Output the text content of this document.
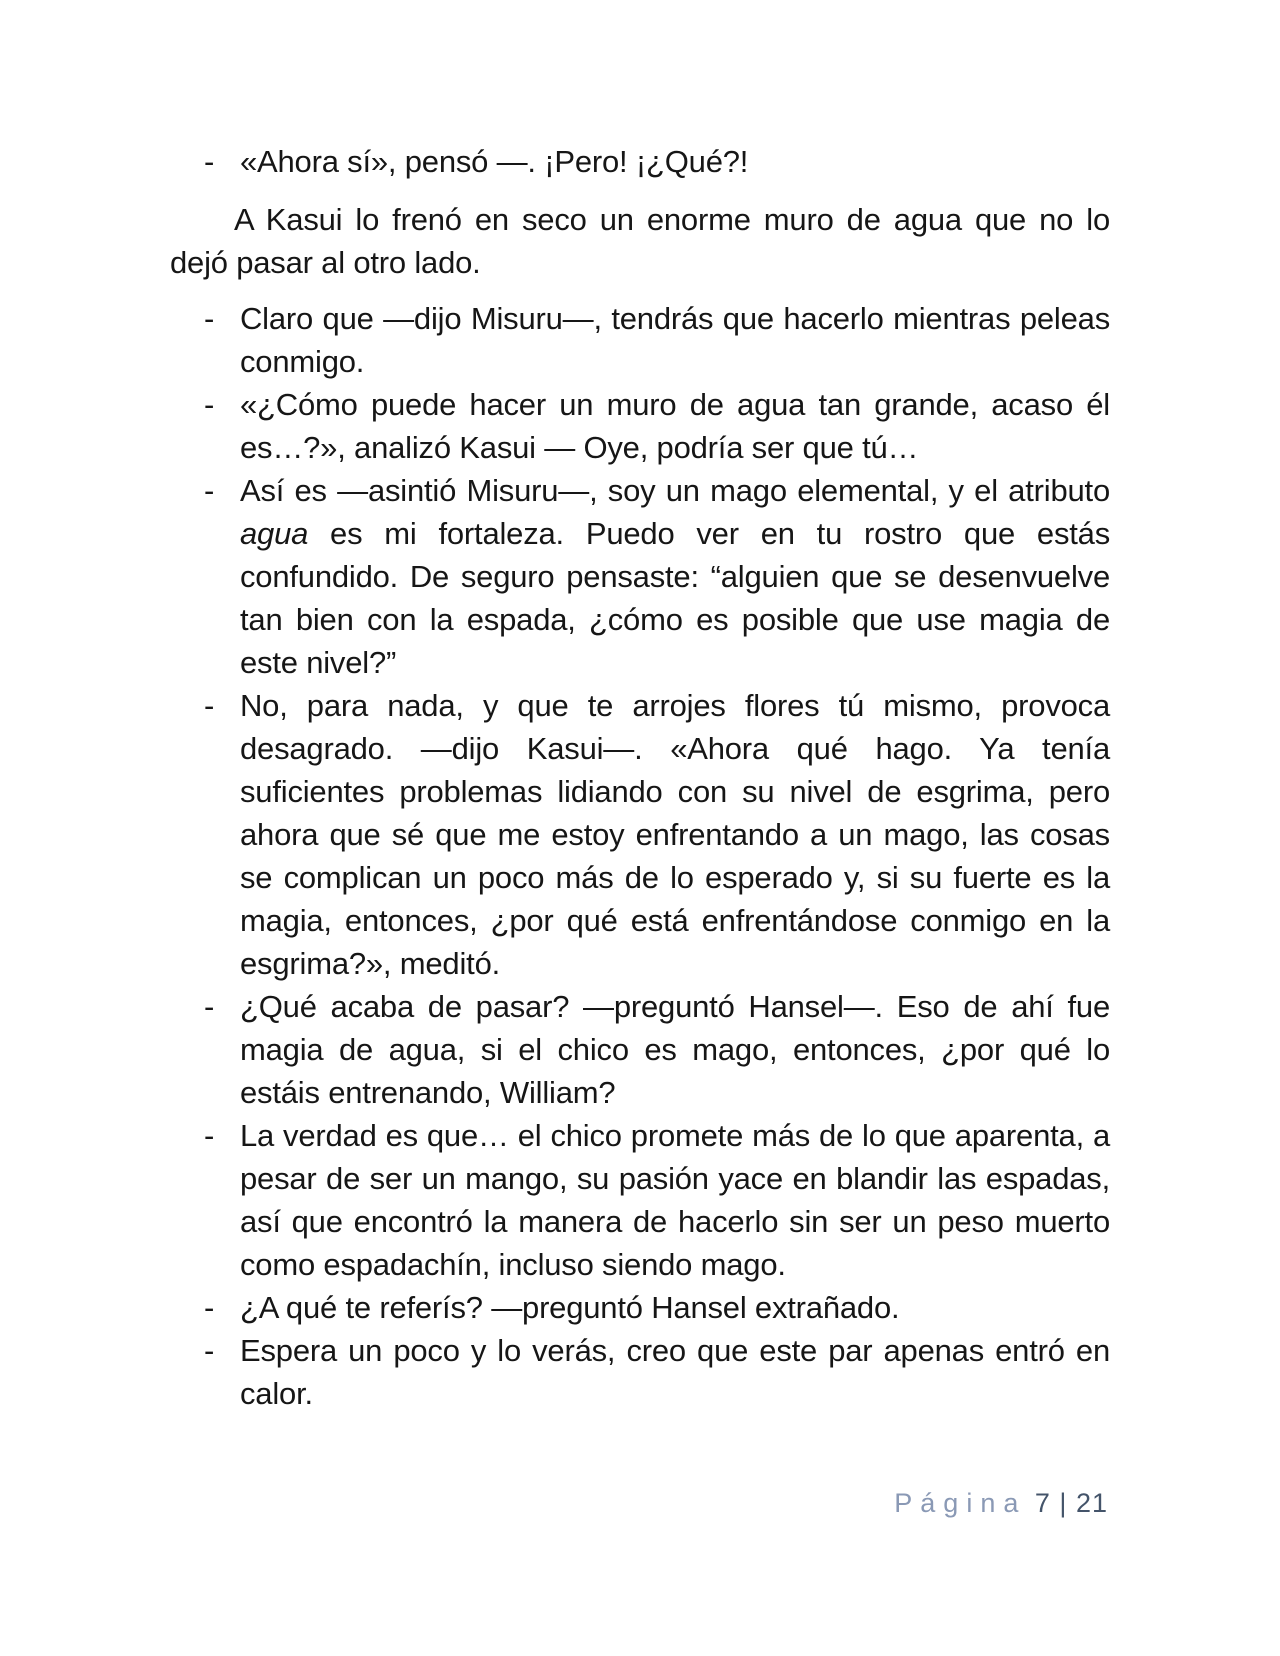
- «Ahora sí», pensó —. ¡Pero! ¡¿Qué?!

A Kasui lo frenó en seco un enorme muro de agua que no lo dejó pasar al otro lado.

- Claro que —dijo Misuru—, tendrás que hacerlo mientras peleas conmigo.

- «¿Cómo puede hacer un muro de agua tan grande, acaso él es…?», analizó Kasui — Oye, podría ser que tú…

- Así es —asintió Misuru—, soy un mago elemental, y el atributo agua es mi fortaleza. Puedo ver en tu rostro que estás confundido. De seguro pensaste: “alguien que se desenvuelve tan bien con la espada, ¿cómo es posible que use magia de este nivel?”

- No, para nada, y que te arrojes flores tú mismo, provoca desagrado. —dijo Kasui—. «Ahora qué hago. Ya tenía suficientes problemas lidiando con su nivel de esgrima, pero ahora que sé que me estoy enfrentando a un mago, las cosas se complican un poco más de lo esperado y, si su fuerte es la magia, entonces, ¿por qué está enfrentándose conmigo en la esgrima?», meditó.

- ¿Qué acaba de pasar? —preguntó Hansel—. Eso de ahí fue magia de agua, si el chico es mago, entonces, ¿por qué lo estáis entrenando, William?

- La verdad es que… el chico promete más de lo que aparenta, a pesar de ser un mango, su pasión yace en blandir las espadas, así que encontró la manera de hacerlo sin ser un peso muerto como espadachín, incluso siendo mago.

- ¿A qué te referís? —preguntó Hansel extrañado.

- Espera un poco y lo verás, creo que este par apenas entró en calor.

Página 7 | 21
